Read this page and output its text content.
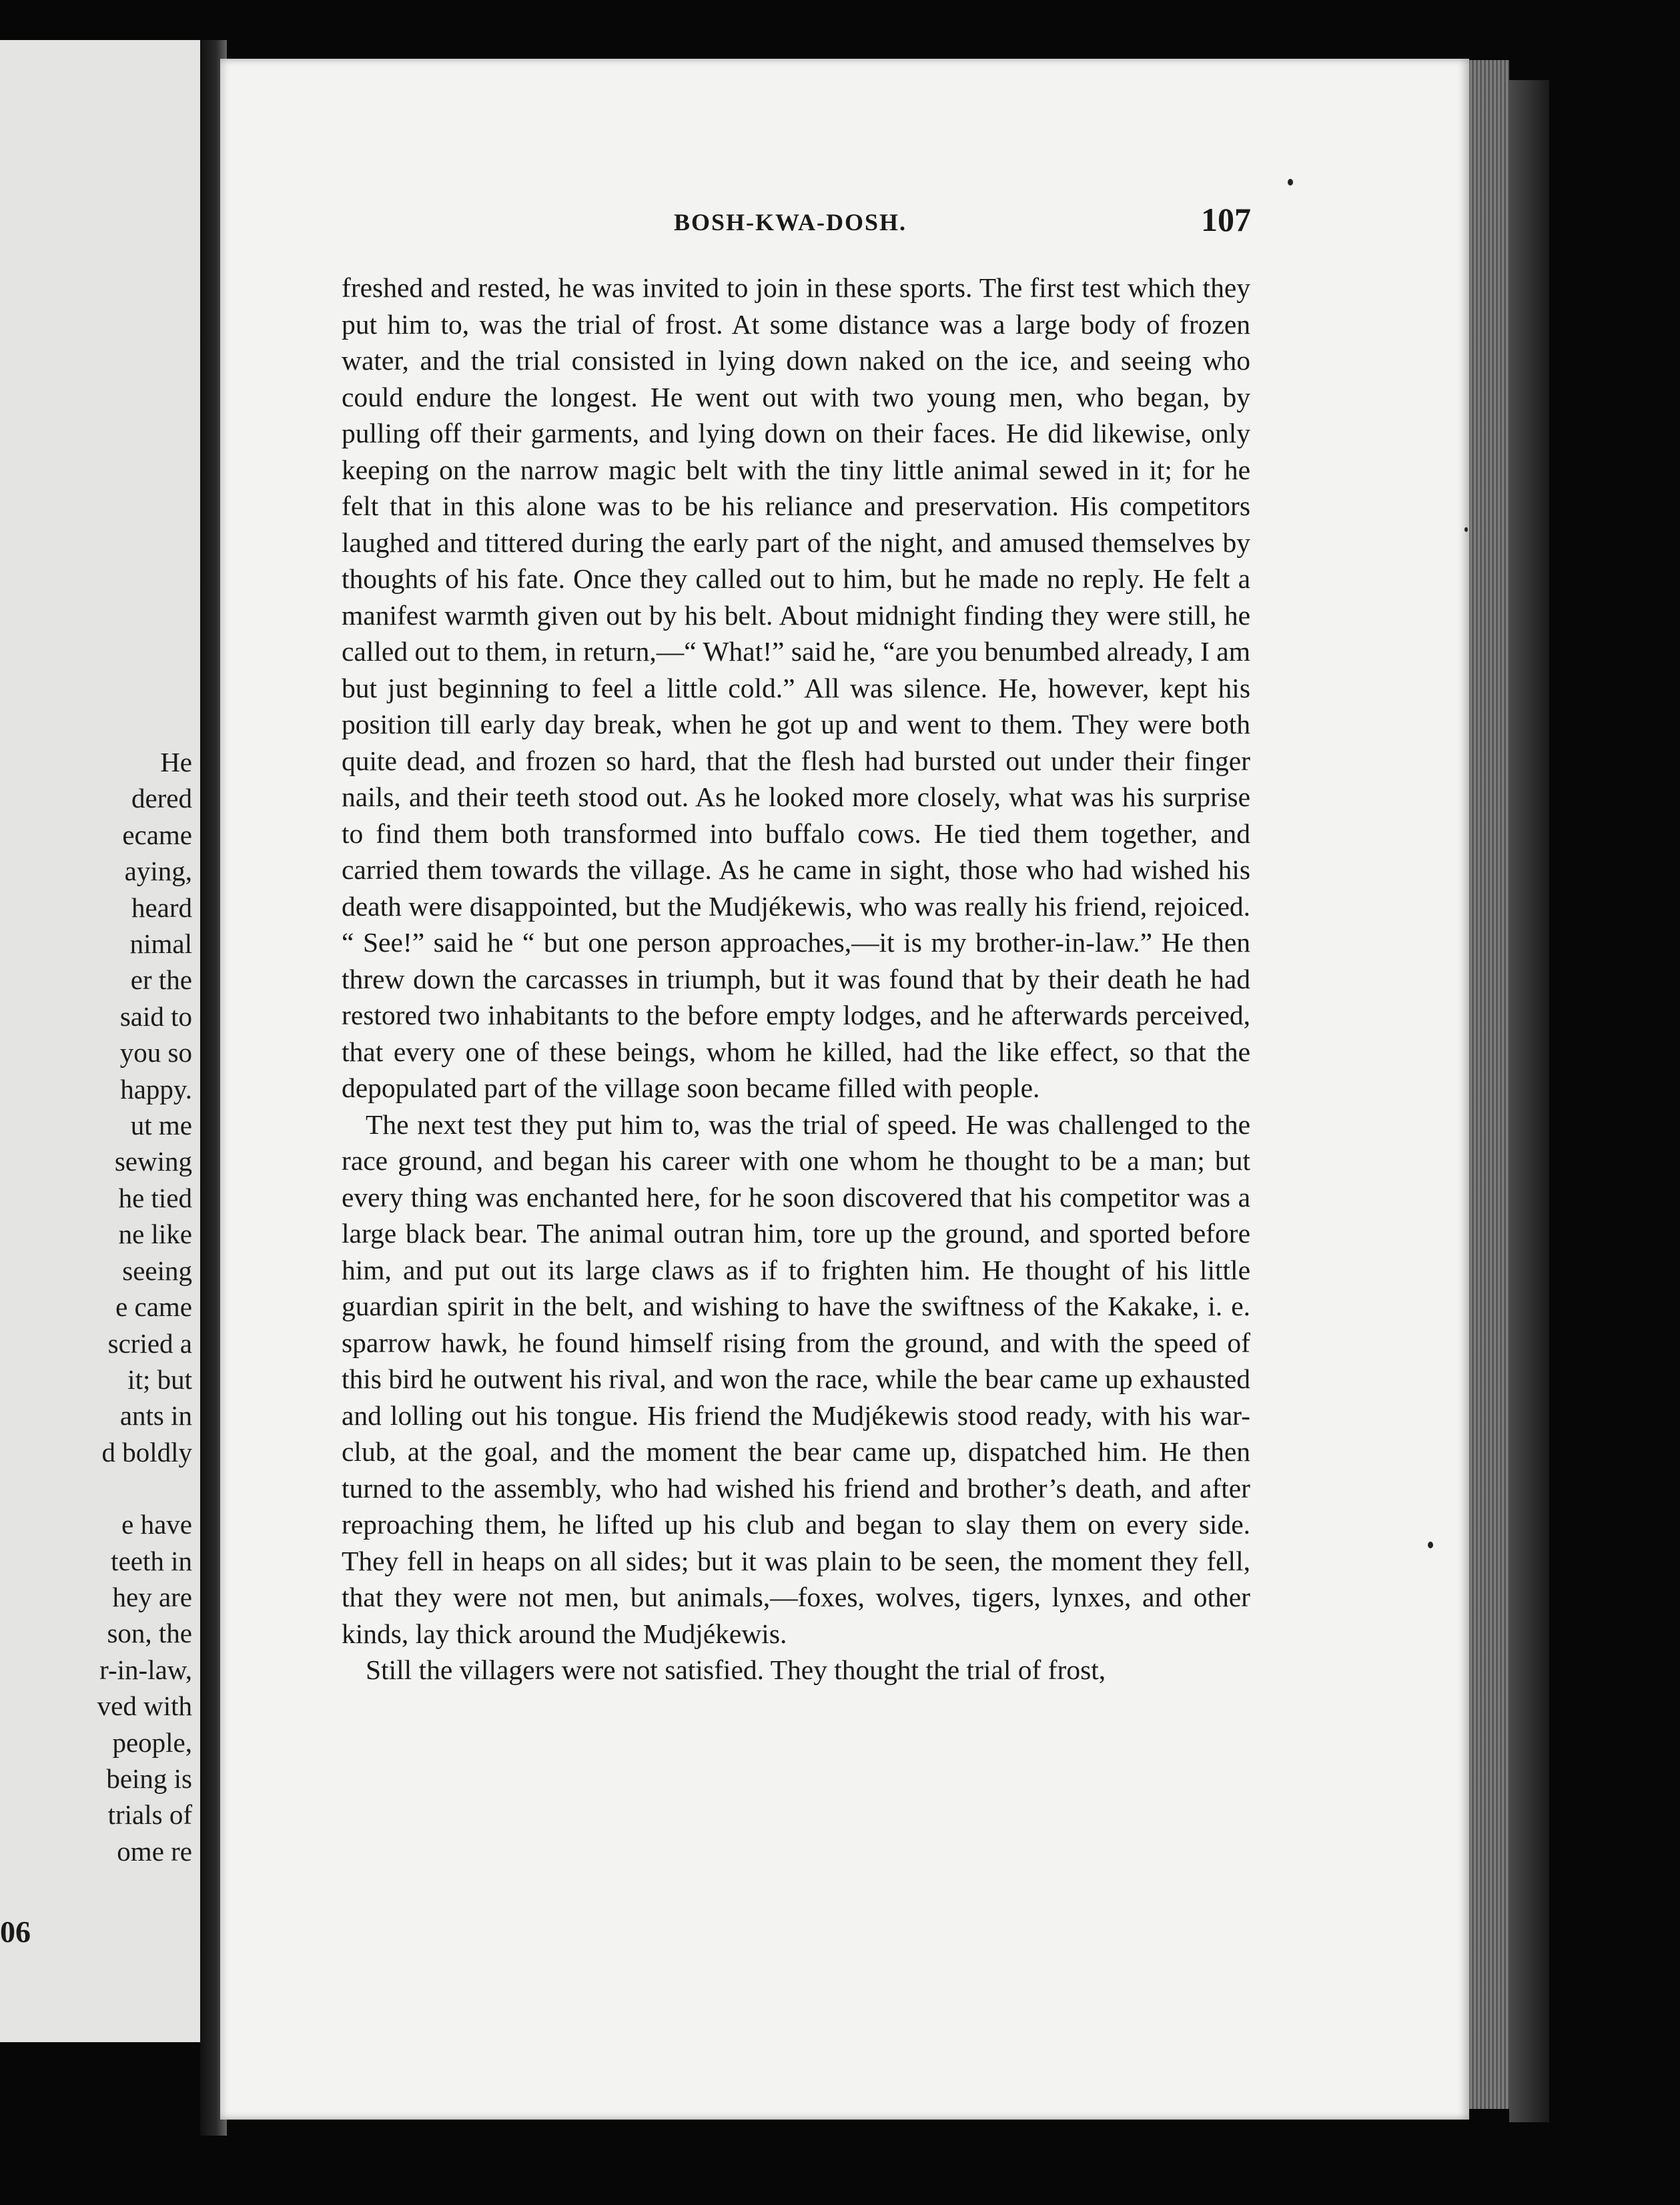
He
dered
ecame
aying,
heard
nimal
er the
said to
you so
happy.
ut me
sewing
he tied
ne like
seeing
e came
scried a
it; but
ants in
d boldly
e have
teeth in
hey are
son, the
r-in-law,
ved with
people,
being is
trials of
ome re
06
BOSH-KWA-DOSH.	107

freshed and rested, he was invited to join in these sports. The first test which they put him to, was the trial of frost. At some distance was a large body of frozen water, and the trial consisted in lying down naked on the ice, and seeing who could endure the longest. He went out with two young men, who began, by pulling off their garments, and lying down on their faces. He did likewise, only keeping on the narrow magic belt with the tiny little animal sewed in it; for he felt that in this alone was to be his reliance and preservation. His competitors laughed and tittered during the early part of the night, and amused themselves by thoughts of his fate. Once they called out to him, but he made no reply. He felt a manifest warmth given out by his belt. About midnight finding they were still, he called out to them, in return,—“ What!” said he, “are you benumbed already, I am but just beginning to feel a little cold.” All was silence. He, however, kept his position till early day break, when he got up and went to them. They were both quite dead, and frozen so hard, that the flesh had bursted out under their finger nails, and their teeth stood out. As he looked more closely, what was his surprise to find them both transformed into buffalo cows. He tied them together, and carried them towards the village. As he came in sight, those who had wished his death were disappointed, but the Mudjékewis, who was really his friend, rejoiced. “ See!” said he “ but one person approaches,—it is my brother-in-law.” He then threw down the carcasses in triumph, but it was found that by their death he had restored two inhabitants to the before empty lodges, and he afterwards perceived, that every one of these beings, whom he killed, had the like effect, so that the depopulated part of the village soon became filled with people.

The next test they put him to, was the trial of speed. He was challenged to the race ground, and began his career with one whom he thought to be a man; but every thing was enchanted here, for he soon discovered that his competitor was a large black bear. The animal outran him, tore up the ground, and sported before him, and put out its large claws as if to frighten him. He thought of his little guardian spirit in the belt, and wishing to have the swiftness of the Kakake, i. e. sparrow hawk, he found himself rising from the ground, and with the speed of this bird he outwent his rival, and won the race, while the bear came up exhausted and lolling out his tongue. His friend the Mudjékewis stood ready, with his war-club, at the goal, and the moment the bear came up, dispatched him. He then turned to the assembly, who had wished his friend and brother’s death, and after reproaching them, he lifted up his club and began to slay them on every side. They fell in heaps on all sides; but it was plain to be seen, the moment they fell, that they were not men, but animals,—foxes, wolves, tigers, lynxes, and other kinds, lay thick around the Mudjékewis.

Still the villagers were not satisfied. They thought the trial of frost,
